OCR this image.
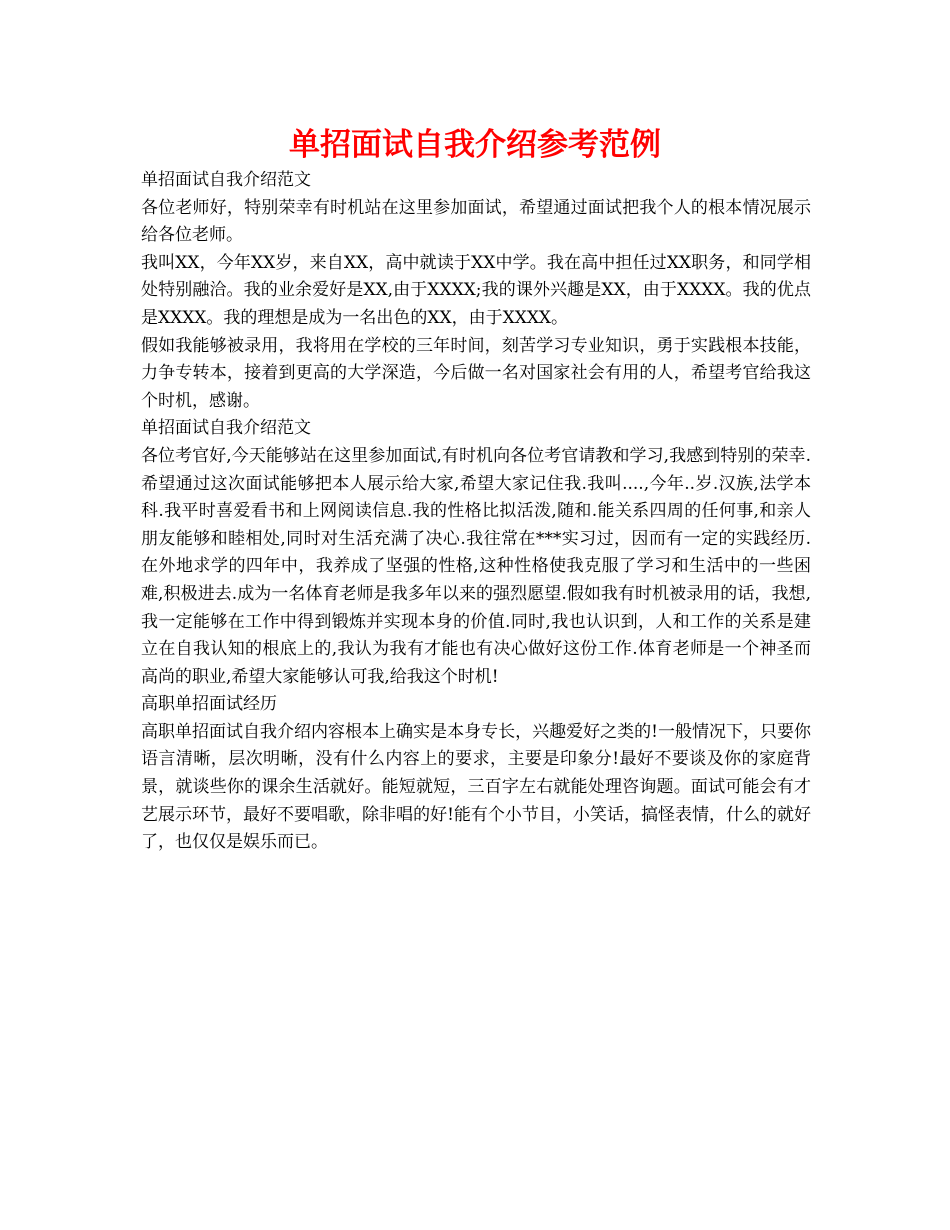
单招面试自我介绍参考范例

单招面试自我介绍范文

各位老师好，特别荣幸有时机站在这里参加面试，希望通过面试把我个人的根本情况展示给各位老师。

我叫XX，今年XX岁，来自XX，高中就读于XX中学。我在高中担任过XX职务，和同学相处特别融洽。我的业余爱好是XX,由于XXXX;我的课外兴趣是XX，由于XXXX。我的优点是XXXX。我的理想是成为一名出色的XX，由于XXXX。

假如我能够被录用，我将用在学校的三年时间，刻苦学习专业知识，勇于实践根本技能，力争专转本，接着到更高的大学深造，今后做一名对国家社会有用的人，希望考官给我这个时机，感谢。

单招面试自我介绍范文

各位考官好,今天能够站在这里参加面试,有时机向各位考官请教和学习,我感到特别的荣幸.希望通过这次面试能够把本人展示给大家,希望大家记住我.我叫....,今年..岁.汉族,法学本科.我平时喜爱看书和上网阅读信息.我的性格比拟活泼,随和.能关系四周的任何事,和亲人朋友能够和睦相处,同时对生活充满了决心.我往常在***实习过，因而有一定的实践经历.在外地求学的四年中，我养成了坚强的性格,这种性格使我克服了学习和生活中的一些困难,积极进去.成为一名体育老师是我多年以来的强烈愿望.假如我有时机被录用的话，我想,我一定能够在工作中得到锻炼并实现本身的价值.同时,我也认识到，人和工作的关系是建立在自我认知的根底上的,我认为我有才能也有决心做好这份工作.体育老师是一个神圣而高尚的职业,希望大家能够认可我,给我这个时机!

高职单招面试经历

高职单招面试自我介绍内容根本上确实是本身专长，兴趣爱好之类的!一般情况下，只要你语言清晰，层次明晰，没有什么内容上的要求，主要是印象分!最好不要谈及你的家庭背景，就谈些你的课余生活就好。能短就短，三百字左右就能处理咨询题。面试可能会有才艺展示环节，最好不要唱歌，除非唱的好!能有个小节目，小笑话，搞怪表情，什么的就好了，也仅仅是娱乐而已。
